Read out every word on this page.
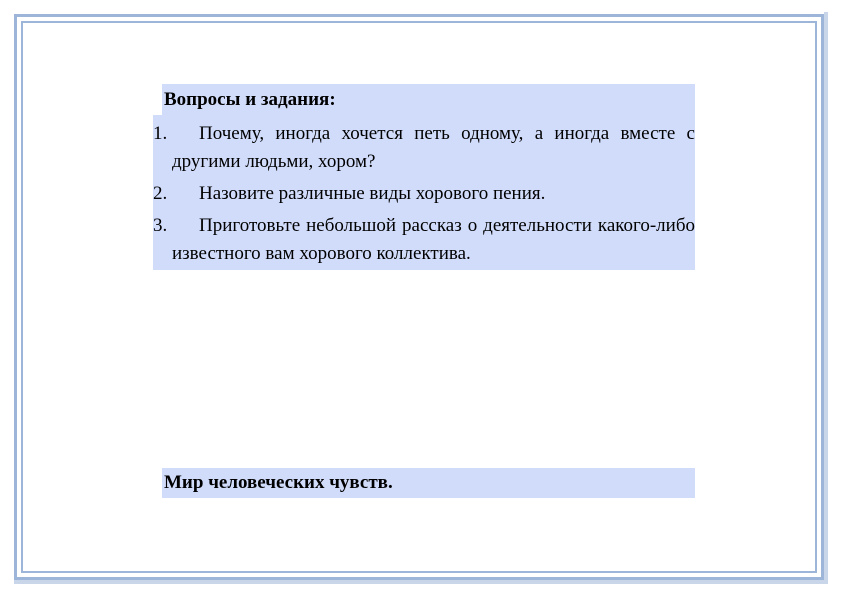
Вопросы и задания:
1. Почему, иногда хочется петь одному, а иногда вместе с другими людьми, хором?
2. Назовите различные виды хорового пения.
3. Приготовьте небольшой рассказ о деятельности какого-либо известного вам хорового коллектива.
Мир человеческих чувств.
